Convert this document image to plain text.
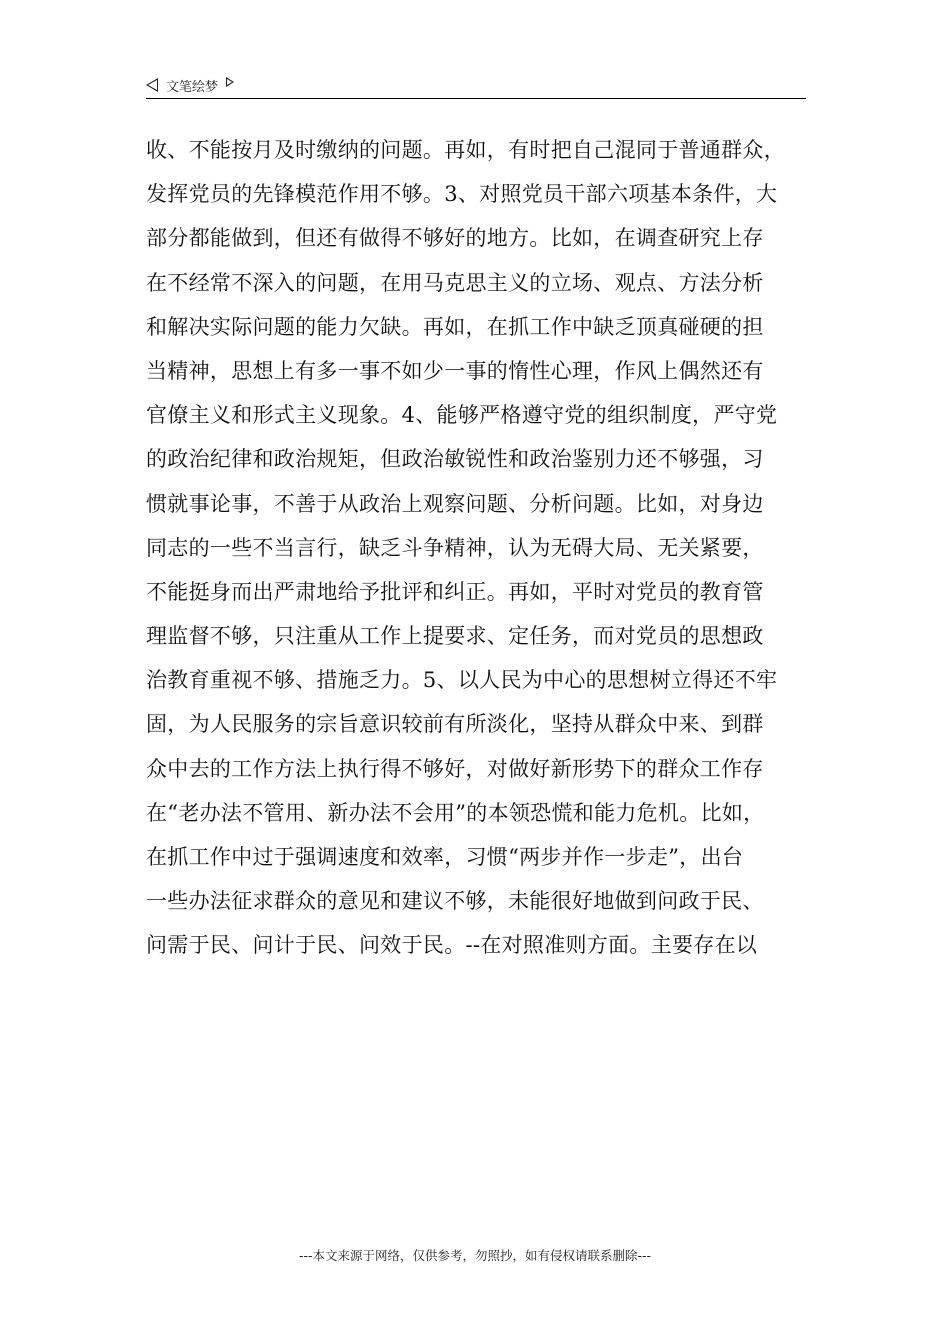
文笔绘梦
收、不能按月及时缴纳的问题。再如，有时把自己混同于普通群众，
发挥党员的先锋模范作用不够。3、对照党员干部六项基本条件，大
部分都能做到，但还有做得不够好的地方。比如，在调查研究上存
在不经常不深入的问题，在用马克思主义的立场、观点、方法分析
和解决实际问题的能力欠缺。再如，在抓工作中缺乏顶真碰硬的担
当精神，思想上有多一事不如少一事的惰性心理，作风上偶然还有
官僚主义和形式主义现象。4、能够严格遵守党的组织制度，严守党
的政治纪律和政治规矩，但政治敏锐性和政治鉴别力还不够强，习
惯就事论事，不善于从政治上观察问题、分析问题。比如，对身边
同志的一些不当言行，缺乏斗争精神，认为无碍大局、无关紧要，
不能挺身而出严肃地给予批评和纠正。再如，平时对党员的教育管
理监督不够，只注重从工作上提要求、定任务，而对党员的思想政
治教育重视不够、措施乏力。5、以人民为中心的思想树立得还不牢
固，为人民服务的宗旨意识较前有所淡化，坚持从群众中来、到群
众中去的工作方法上执行得不够好，对做好新形势下的群众工作存
在“老办法不管用、新办法不会用”的本领恐慌和能力危机。比如，
在抓工作中过于强调速度和效率，习惯“两步并作一步走”，出台
一些办法征求群众的意见和建议不够，未能很好地做到问政于民、
问需于民、问计于民、问效于民。--在对照准则方面。主要存在以
---本文来源于网络，仅供参考，勿照抄，如有侵权请联系删除---
